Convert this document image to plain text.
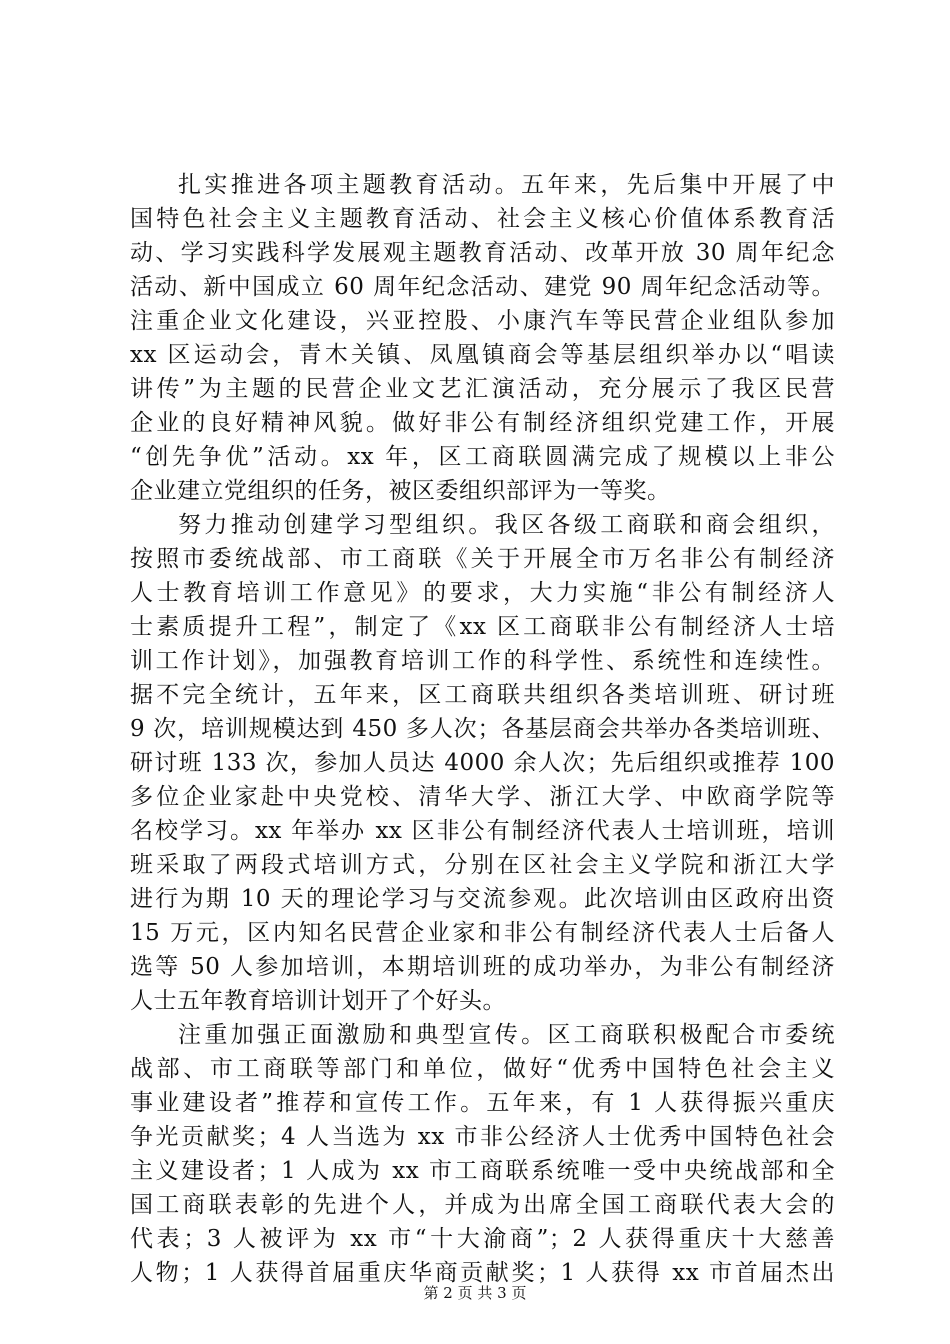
扎实推进各项主题教育活动。五年来，先后集中开展了中
国特色社会主义主题教育活动、社会主义核心价值体系教育活
动、学习实践科学发展观主题教育活动、改革开放 30 周年纪念
活动、新中国成立 60 周年纪念活动、建党 90 周年纪念活动等。
注重企业文化建设，兴亚控股、小康汽车等民营企业组队参加
xx 区运动会，青木关镇、凤凰镇商会等基层组织举办以“唱读
讲传”为主题的民营企业文艺汇演活动，充分展示了我区民营
企业的良好精神风貌。做好非公有制经济组织党建工作，开展
“创先争优”活动。xx 年，区工商联圆满完成了规模以上非公
企业建立党组织的任务，被区委组织部评为一等奖。
努力推动创建学习型组织。我区各级工商联和商会组织，
按照市委统战部、市工商联《关于开展全市万名非公有制经济
人士教育培训工作意见》的要求，大力实施“非公有制经济人
士素质提升工程”，制定了《xx 区工商联非公有制经济人士培
训工作计划》，加强教育培训工作的科学性、系统性和连续性。
据不完全统计，五年来，区工商联共组织各类培训班、研讨班
9 次，培训规模达到 450 多人次；各基层商会共举办各类培训班、
研讨班 133 次，参加人员达 4000 余人次；先后组织或推荐 100
多位企业家赴中央党校、清华大学、浙江大学、中欧商学院等
名校学习。xx 年举办 xx 区非公有制经济代表人士培训班，培训
班采取了两段式培训方式，分别在区社会主义学院和浙江大学
进行为期 10 天的理论学习与交流参观。此次培训由区政府出资
15 万元，区内知名民营企业家和非公有制经济代表人士后备人
选等 50 人参加培训，本期培训班的成功举办，为非公有制经济
人士五年教育培训计划开了个好头。
注重加强正面激励和典型宣传。区工商联积极配合市委统
战部、市工商联等部门和单位，做好“优秀中国特色社会主义
事业建设者”推荐和宣传工作。五年来，有 1 人获得振兴重庆
争光贡献奖；4 人当选为 xx 市非公经济人士优秀中国特色社会
主义建设者；1 人成为 xx 市工商联系统唯一受中央统战部和全
国工商联表彰的先进个人，并成为出席全国工商联代表大会的
代表；3 人被评为 xx 市“十大渝商”；2 人获得重庆十大慈善
人物；1 人获得首届重庆华商贡献奖；1 人获得 xx 市首届杰出
第 2 页 共 3 页
